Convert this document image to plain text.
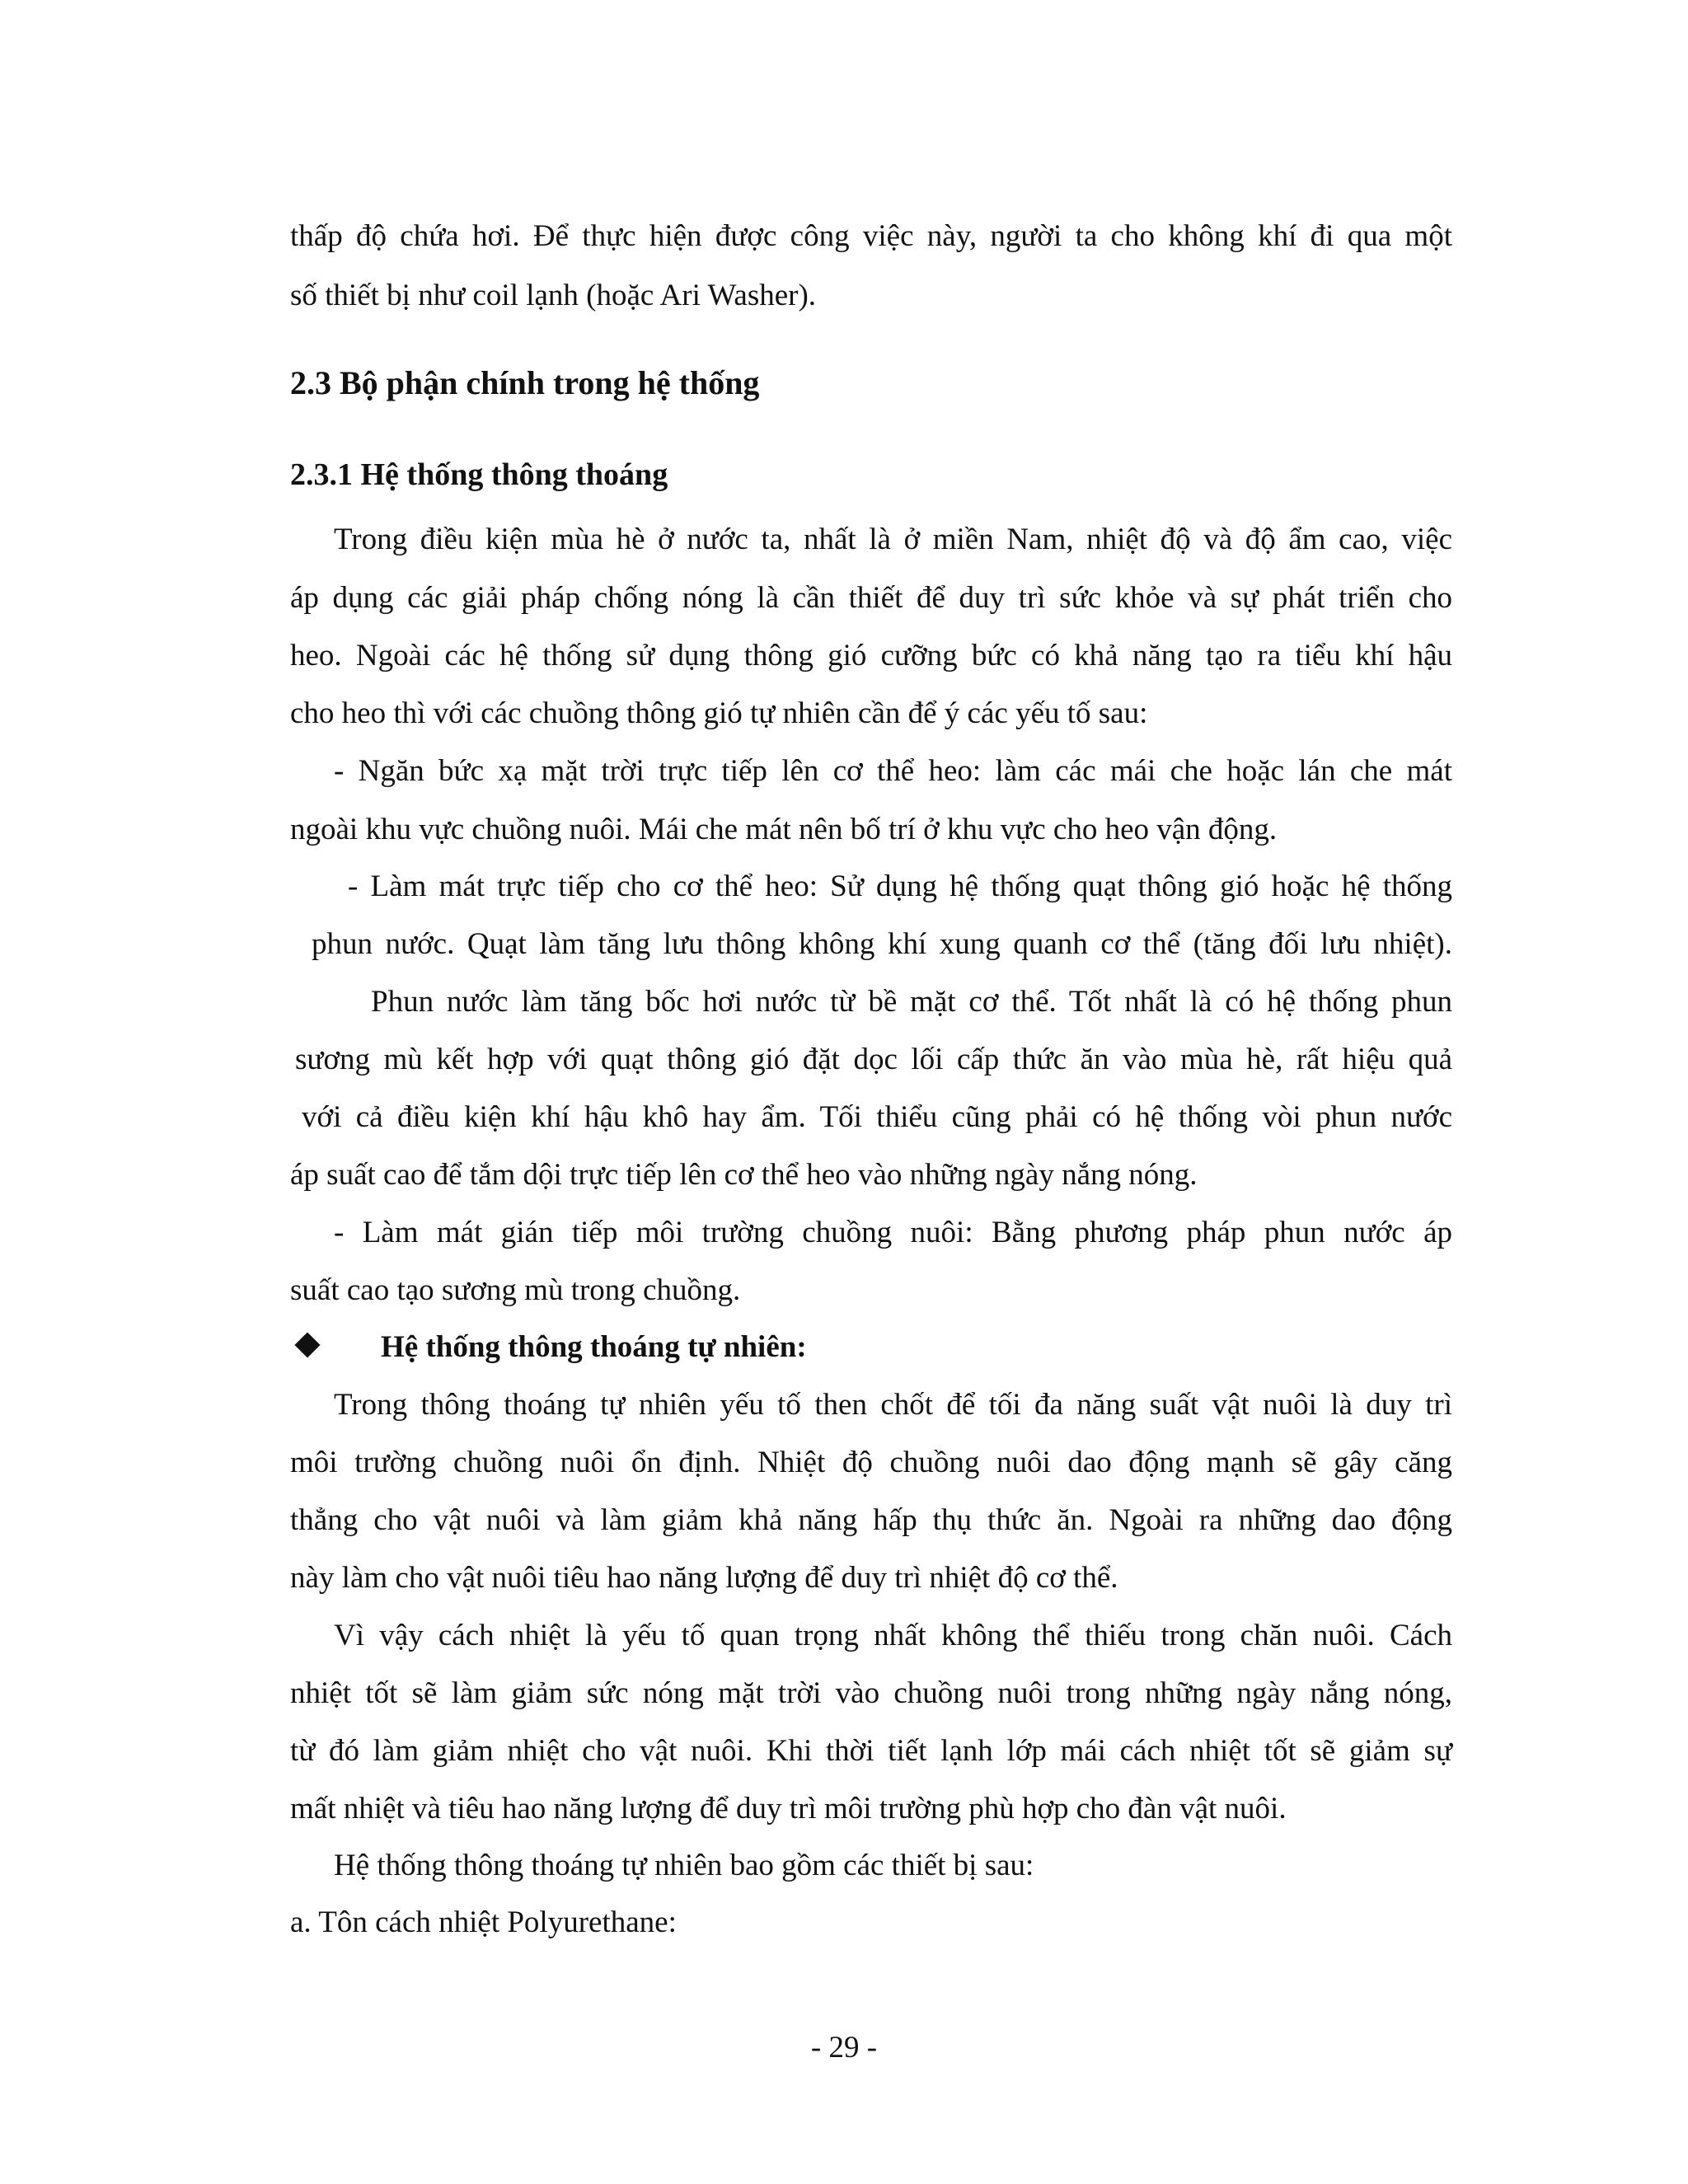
thấp độ chứa hơi. Để thực hiện được công việc này, người ta cho không khí đi qua một
số thiết bị như coil lạnh (hoặc Ari Washer).
2.3 Bộ phận chính trong hệ thống
2.3.1 Hệ thống thông thoáng
Trong điều kiện mùa hè ở nước ta, nhất là ở miền Nam, nhiệt độ và độ ẩm cao, việc
áp dụng các giải pháp chống nóng là cần thiết để duy trì sức khỏe và sự phát triển cho
heo. Ngoài các hệ thống sử dụng thông gió cưỡng bức có khả năng tạo ra tiểu khí hậu
cho heo thì với các chuồng thông gió tự nhiên cần để ý các yếu tố sau:
- Ngăn bức xạ mặt trời trực tiếp lên cơ thể heo: làm các mái che hoặc lán che mát
ngoài khu vực chuồng nuôi. Mái che mát nên bố trí ở khu vực cho heo vận động.
- Làm mát trực tiếp cho cơ thể heo: Sử dụng hệ thống quạt thông gió hoặc hệ thống
phun nước. Quạt làm tăng lưu thông không khí xung quanh cơ thể (tăng đối lưu nhiệt).
Phun nước làm tăng bốc hơi nước từ bề mặt cơ thể. Tốt nhất là có hệ thống phun
sương mù kết hợp với quạt thông gió đặt dọc lối cấp thức ăn vào mùa hè, rất hiệu quả
với cả điều kiện khí hậu khô hay ẩm. Tối thiểu cũng phải có hệ thống vòi phun nước
áp suất cao để tắm dội trực tiếp lên cơ thể heo vào những ngày nắng nóng.
- Làm mát gián tiếp môi trường chuồng nuôi: Bằng phương pháp phun nước áp
suất cao tạo sương mù trong chuồng.
Hệ thống thông thoáng tự nhiên:
Trong thông thoáng tự nhiên yếu tố then chốt để tối đa năng suất vật nuôi là duy trì
môi trường chuồng nuôi ổn định. Nhiệt độ chuồng nuôi dao động mạnh sẽ gây căng
thẳng cho vật nuôi và làm giảm khả năng hấp thụ thức ăn. Ngoài ra những dao động
này làm cho vật nuôi tiêu hao năng lượng để duy trì nhiệt độ cơ thể.
Vì vậy cách nhiệt là yếu tố quan trọng nhất không thể thiếu trong chăn nuôi. Cách
nhiệt tốt sẽ làm giảm sức nóng mặt trời vào chuồng nuôi trong những ngày nắng nóng,
từ đó làm giảm nhiệt cho vật nuôi. Khi thời tiết lạnh lớp mái cách nhiệt tốt sẽ giảm sự
mất nhiệt và tiêu hao năng lượng để duy trì môi trường phù hợp cho đàn vật nuôi.
Hệ thống thông thoáng tự nhiên bao gồm các thiết bị sau:
a. Tôn cách nhiệt Polyurethane:
- 29 -
